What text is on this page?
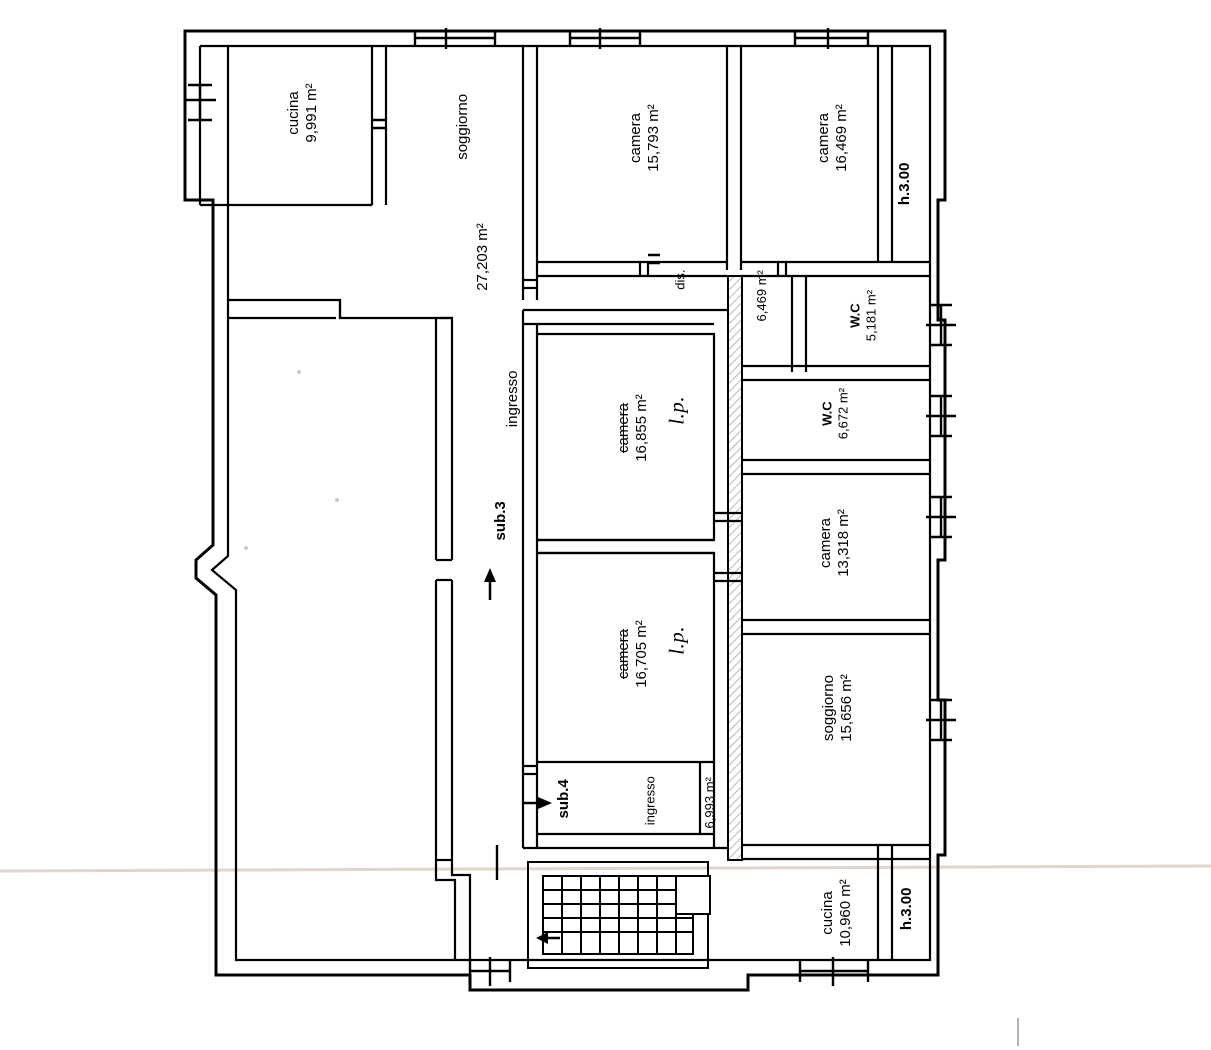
cucina 9,991 m²	soggiorno	camera 15,793 m²	camera 16,469 m²
h.3.00
27,203 m²
ingresso
sub.3
dis.	6,469 m²	W.C 5,181 m²
W.C 6,672 m²
camera 16,855 m² l.p.
camera 16,705 m² l.p.
camera 13,318 m²
soggiorno 15,656 m²
sub.4	ingresso	6,993 m²
cucina 10,960 m²	h.3.00
